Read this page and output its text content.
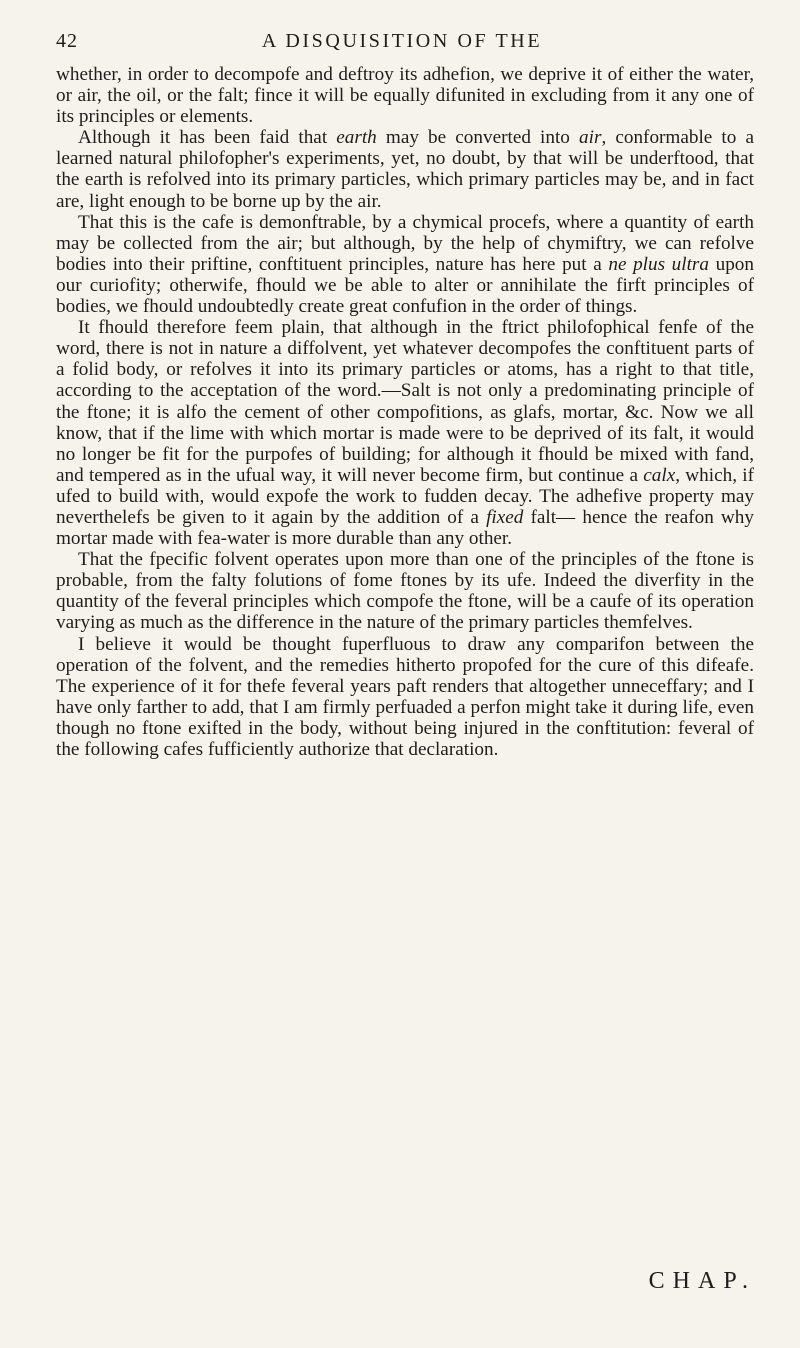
42	A DISQUISITION OF THE

whether, in order to decompofe and deftroy its adhefion, we deprive it of either the water, or air, the oil, or the falt; fince it will be equally difunited in excluding from it any one of its principles or elements.

Although it has been faid that earth may be converted into air, conformable to a learned natural philofopher's experiments, yet, no doubt, by that will be underftood, that the earth is refolved into its primary particles, which primary particles may be, and in fact are, light enough to be borne up by the air.

That this is the cafe is demonftrable, by a chymical procefs, where a quantity of earth may be collected from the air; but although, by the help of chymiftry, we can refolve bodies into their priftine, conftituent principles, nature has here put a ne plus ultra upon our curiofity; otherwife, fhould we be able to alter or annihilate the firft principles of bodies, we fhould undoubtedly create great confufion in the order of things.

It fhould therefore feem plain, that although in the ftrict philofophical fenfe of the word, there is not in nature a diffolvent, yet whatever decompofes the conftituent parts of a folid body, or refolves it into its primary particles or atoms, has a right to that title, according to the acceptation of the word.—Salt is not only a predominating principle of the ftone; it is alfo the cement of other compofitions, as glafs, mortar, &c. Now we all know, that if the lime with which mortar is made were to be deprived of its falt, it would no longer be fit for the purpofes of building; for although it fhould be mixed with fand, and tempered as in the ufual way, it will never become firm, but continue a calx, which, if ufed to build with, would expofe the work to fudden decay. The adhefive property may neverthelefs be given to it again by the addition of a fixed falt— hence the reafon why mortar made with fea-water is more durable than any other.

That the fpecific folvent operates upon more than one of the principles of the ftone is probable, from the falty folutions of fome ftones by its ufe. Indeed the diverfity in the quantity of the feveral principles which compofe the ftone, will be a caufe of its operation varying as much as the difference in the nature of the primary particles themfelves.

I believe it would be thought fuperfluous to draw any comparifon between the operation of the folvent, and the remedies hitherto propofed for the cure of this difeafe. The experience of it for thefe feveral years paft renders that altogether unneceffary; and I have only farther to add, that I am firmly perfuaded a perfon might take it during life, even though no ftone exifted in the body, without being injured in the conftitution: feveral of the following cafes fufficiently authorize that declaration.

CHAP.
